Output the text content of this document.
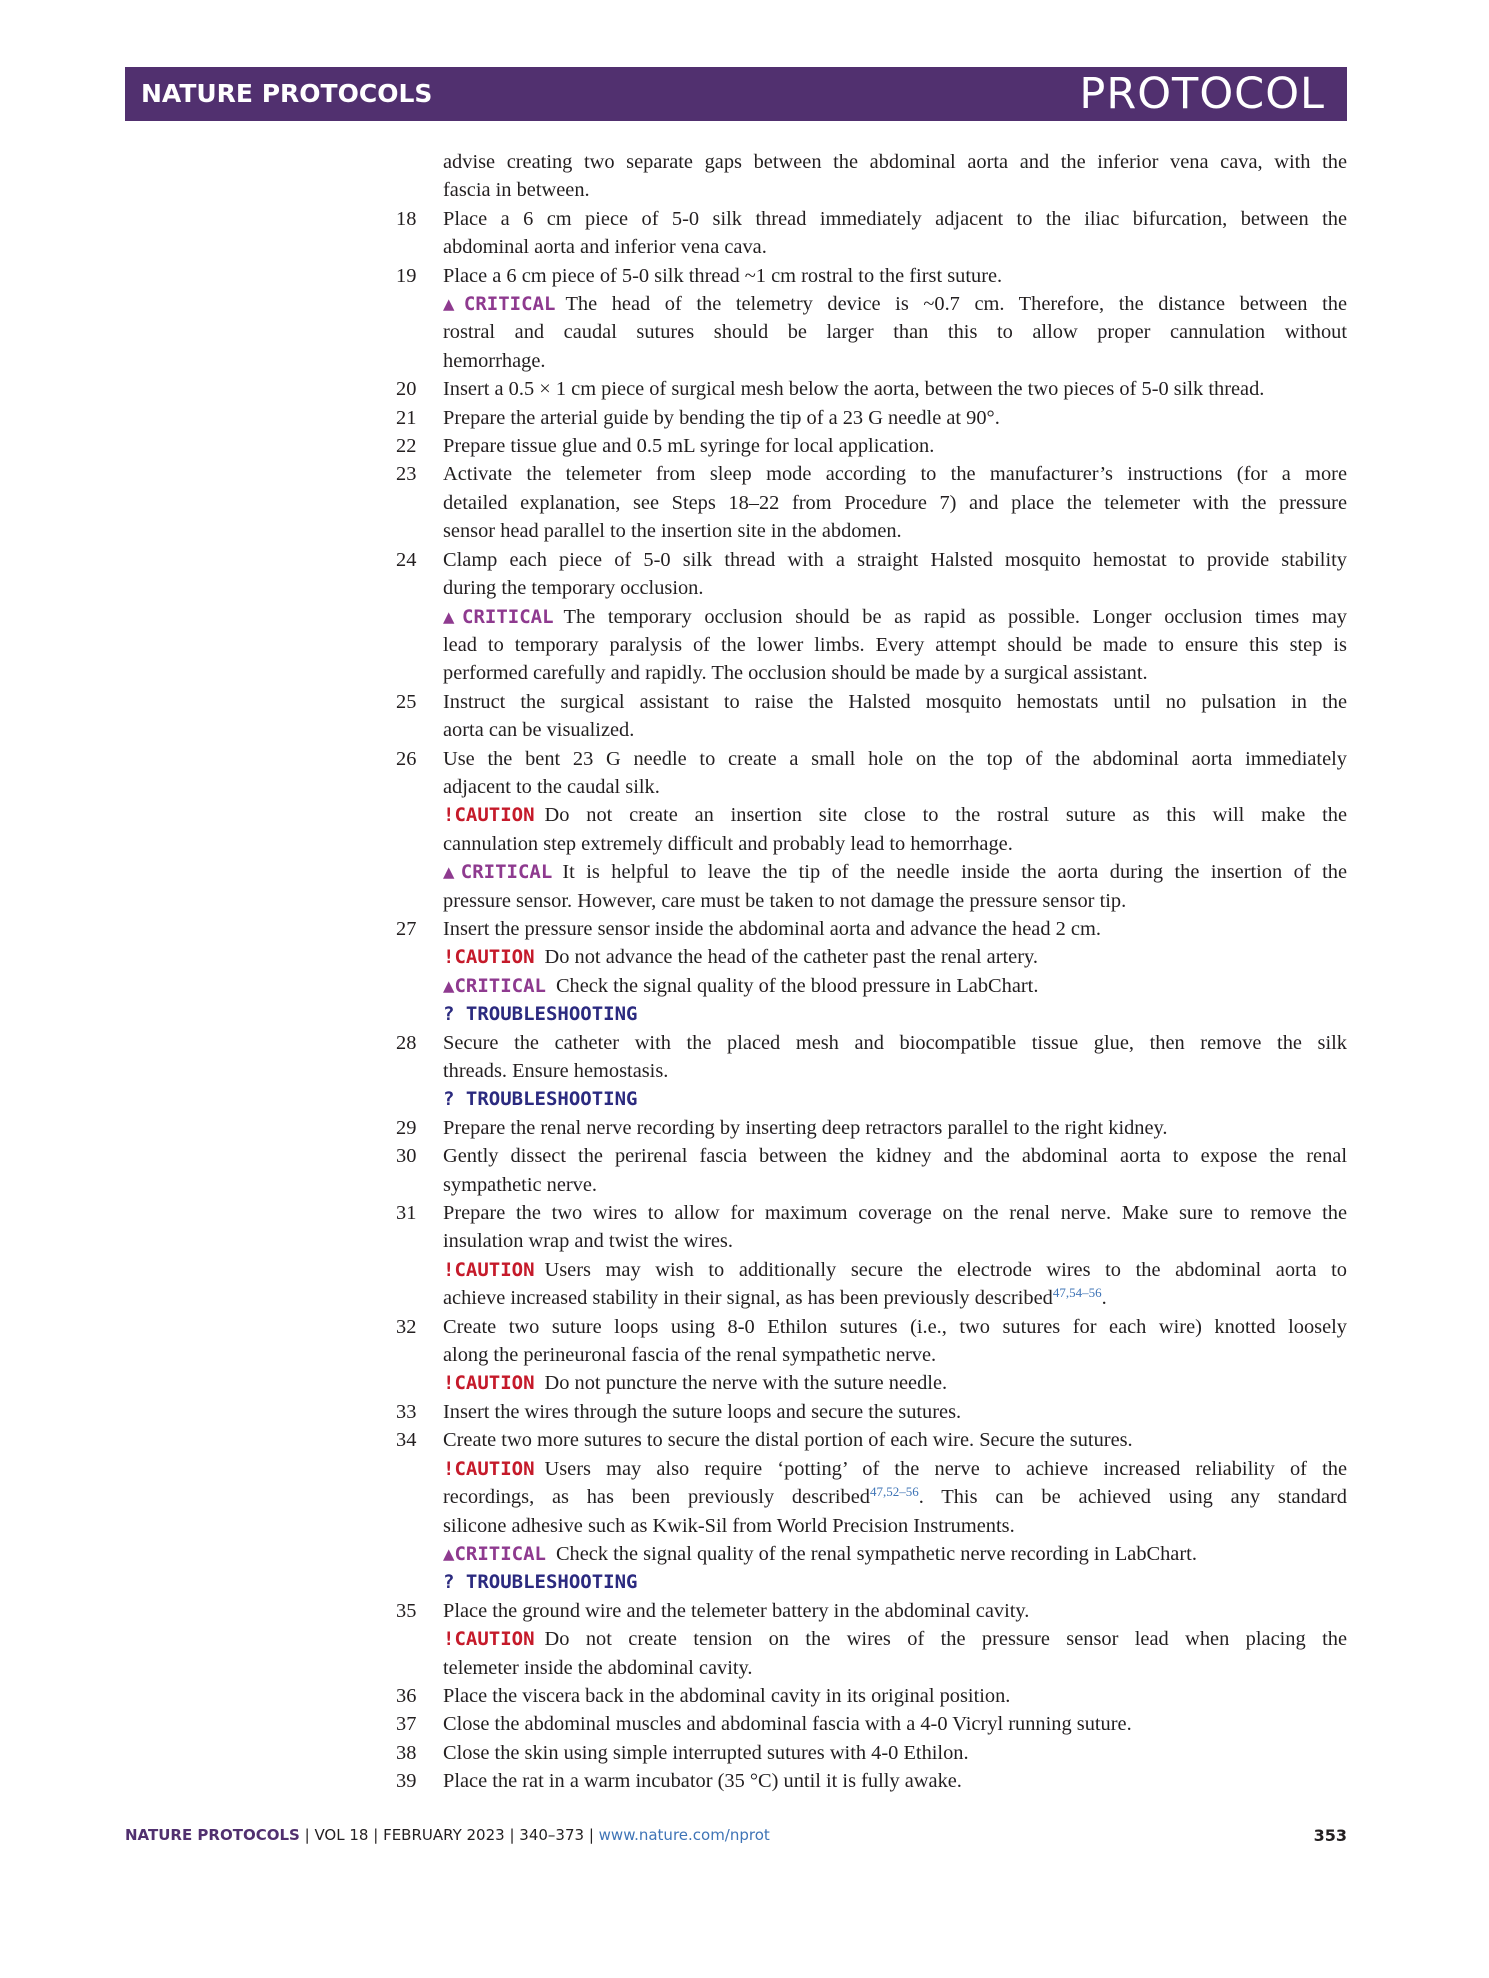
NATURE PROTOCOLS	PROTOCOL
advise creating two separate gaps between the abdominal aorta and the inferior vena cava, with the
fascia in between.
18 Place a 6 cm piece of 5-0 silk thread immediately adjacent to the iliac bifurcation, between the
abdominal aorta and inferior vena cava.
19 Place a 6 cm piece of 5-0 silk thread ~1 cm rostral to the first suture.
▲CRITICAL The head of the telemetry device is ~0.7 cm. Therefore, the distance between the
rostral and caudal sutures should be larger than this to allow proper cannulation without
hemorrhage.
20 Insert a 0.5 × 1 cm piece of surgical mesh below the aorta, between the two pieces of 5-0 silk thread.
21 Prepare the arterial guide by bending the tip of a 23 G needle at 90°.
22 Prepare tissue glue and 0.5 mL syringe for local application.
23 Activate the telemeter from sleep mode according to the manufacturer’s instructions (for a more
detailed explanation, see Steps 18–22 from Procedure 7) and place the telemeter with the pressure
sensor head parallel to the insertion site in the abdomen.
24 Clamp each piece of 5-0 silk thread with a straight Halsted mosquito hemostat to provide stability
during the temporary occlusion.
▲CRITICAL The temporary occlusion should be as rapid as possible. Longer occlusion times may
lead to temporary paralysis of the lower limbs. Every attempt should be made to ensure this step is
performed carefully and rapidly. The occlusion should be made by a surgical assistant.
25 Instruct the surgical assistant to raise the Halsted mosquito hemostats until no pulsation in the
aorta can be visualized.
26 Use the bent 23 G needle to create a small hole on the top of the abdominal aorta immediately
adjacent to the caudal silk.
!CAUTION Do not create an insertion site close to the rostral suture as this will make the
cannulation step extremely difficult and probably lead to hemorrhage.
▲CRITICAL It is helpful to leave the tip of the needle inside the aorta during the insertion of the
pressure sensor. However, care must be taken to not damage the pressure sensor tip.
27 Insert the pressure sensor inside the abdominal aorta and advance the head 2 cm.
!CAUTION Do not advance the head of the catheter past the renal artery.
▲CRITICAL Check the signal quality of the blood pressure in LabChart.
? TROUBLESHOOTING
28 Secure the catheter with the placed mesh and biocompatible tissue glue, then remove the silk
threads. Ensure hemostasis.
? TROUBLESHOOTING
29 Prepare the renal nerve recording by inserting deep retractors parallel to the right kidney.
30 Gently dissect the perirenal fascia between the kidney and the abdominal aorta to expose the renal
sympathetic nerve.
31 Prepare the two wires to allow for maximum coverage on the renal nerve. Make sure to remove the
insulation wrap and twist the wires.
!CAUTION Users may wish to additionally secure the electrode wires to the abdominal aorta to
achieve increased stability in their signal, as has been previously described$^{47,54-56}$.
32 Create two suture loops using 8-0 Ethilon sutures (i.e., two sutures for each wire) knotted loosely
along the perineuronal fascia of the renal sympathetic nerve.
!CAUTION Do not puncture the nerve with the suture needle.
33 Insert the wires through the suture loops and secure the sutures.
34 Create two more sutures to secure the distal portion of each wire. Secure the sutures.
!CAUTION Users may also require ‘potting’ of the nerve to achieve increased reliability of the
recordings, as has been previously described$^{47,52-56}$. This can be achieved using any standard
silicone adhesive such as Kwik-Sil from World Precision Instruments.
▲CRITICAL Check the signal quality of the renal sympathetic nerve recording in LabChart.
? TROUBLESHOOTING
35 Place the ground wire and the telemeter battery in the abdominal cavity.
!CAUTION Do not create tension on the wires of the pressure sensor lead when placing the
telemeter inside the abdominal cavity.
36 Place the viscera back in the abdominal cavity in its original position.
37 Close the abdominal muscles and abdominal fascia with a 4-0 Vicryl running suture.
38 Close the skin using simple interrupted sutures with 4-0 Ethilon.
39 Place the rat in a warm incubator (35 °C) until it is fully awake.
NATURE PROTOCOLS | VOL 18 | FEBRUARY 2023 | 340–373 | www.nature.com/nprot	353
